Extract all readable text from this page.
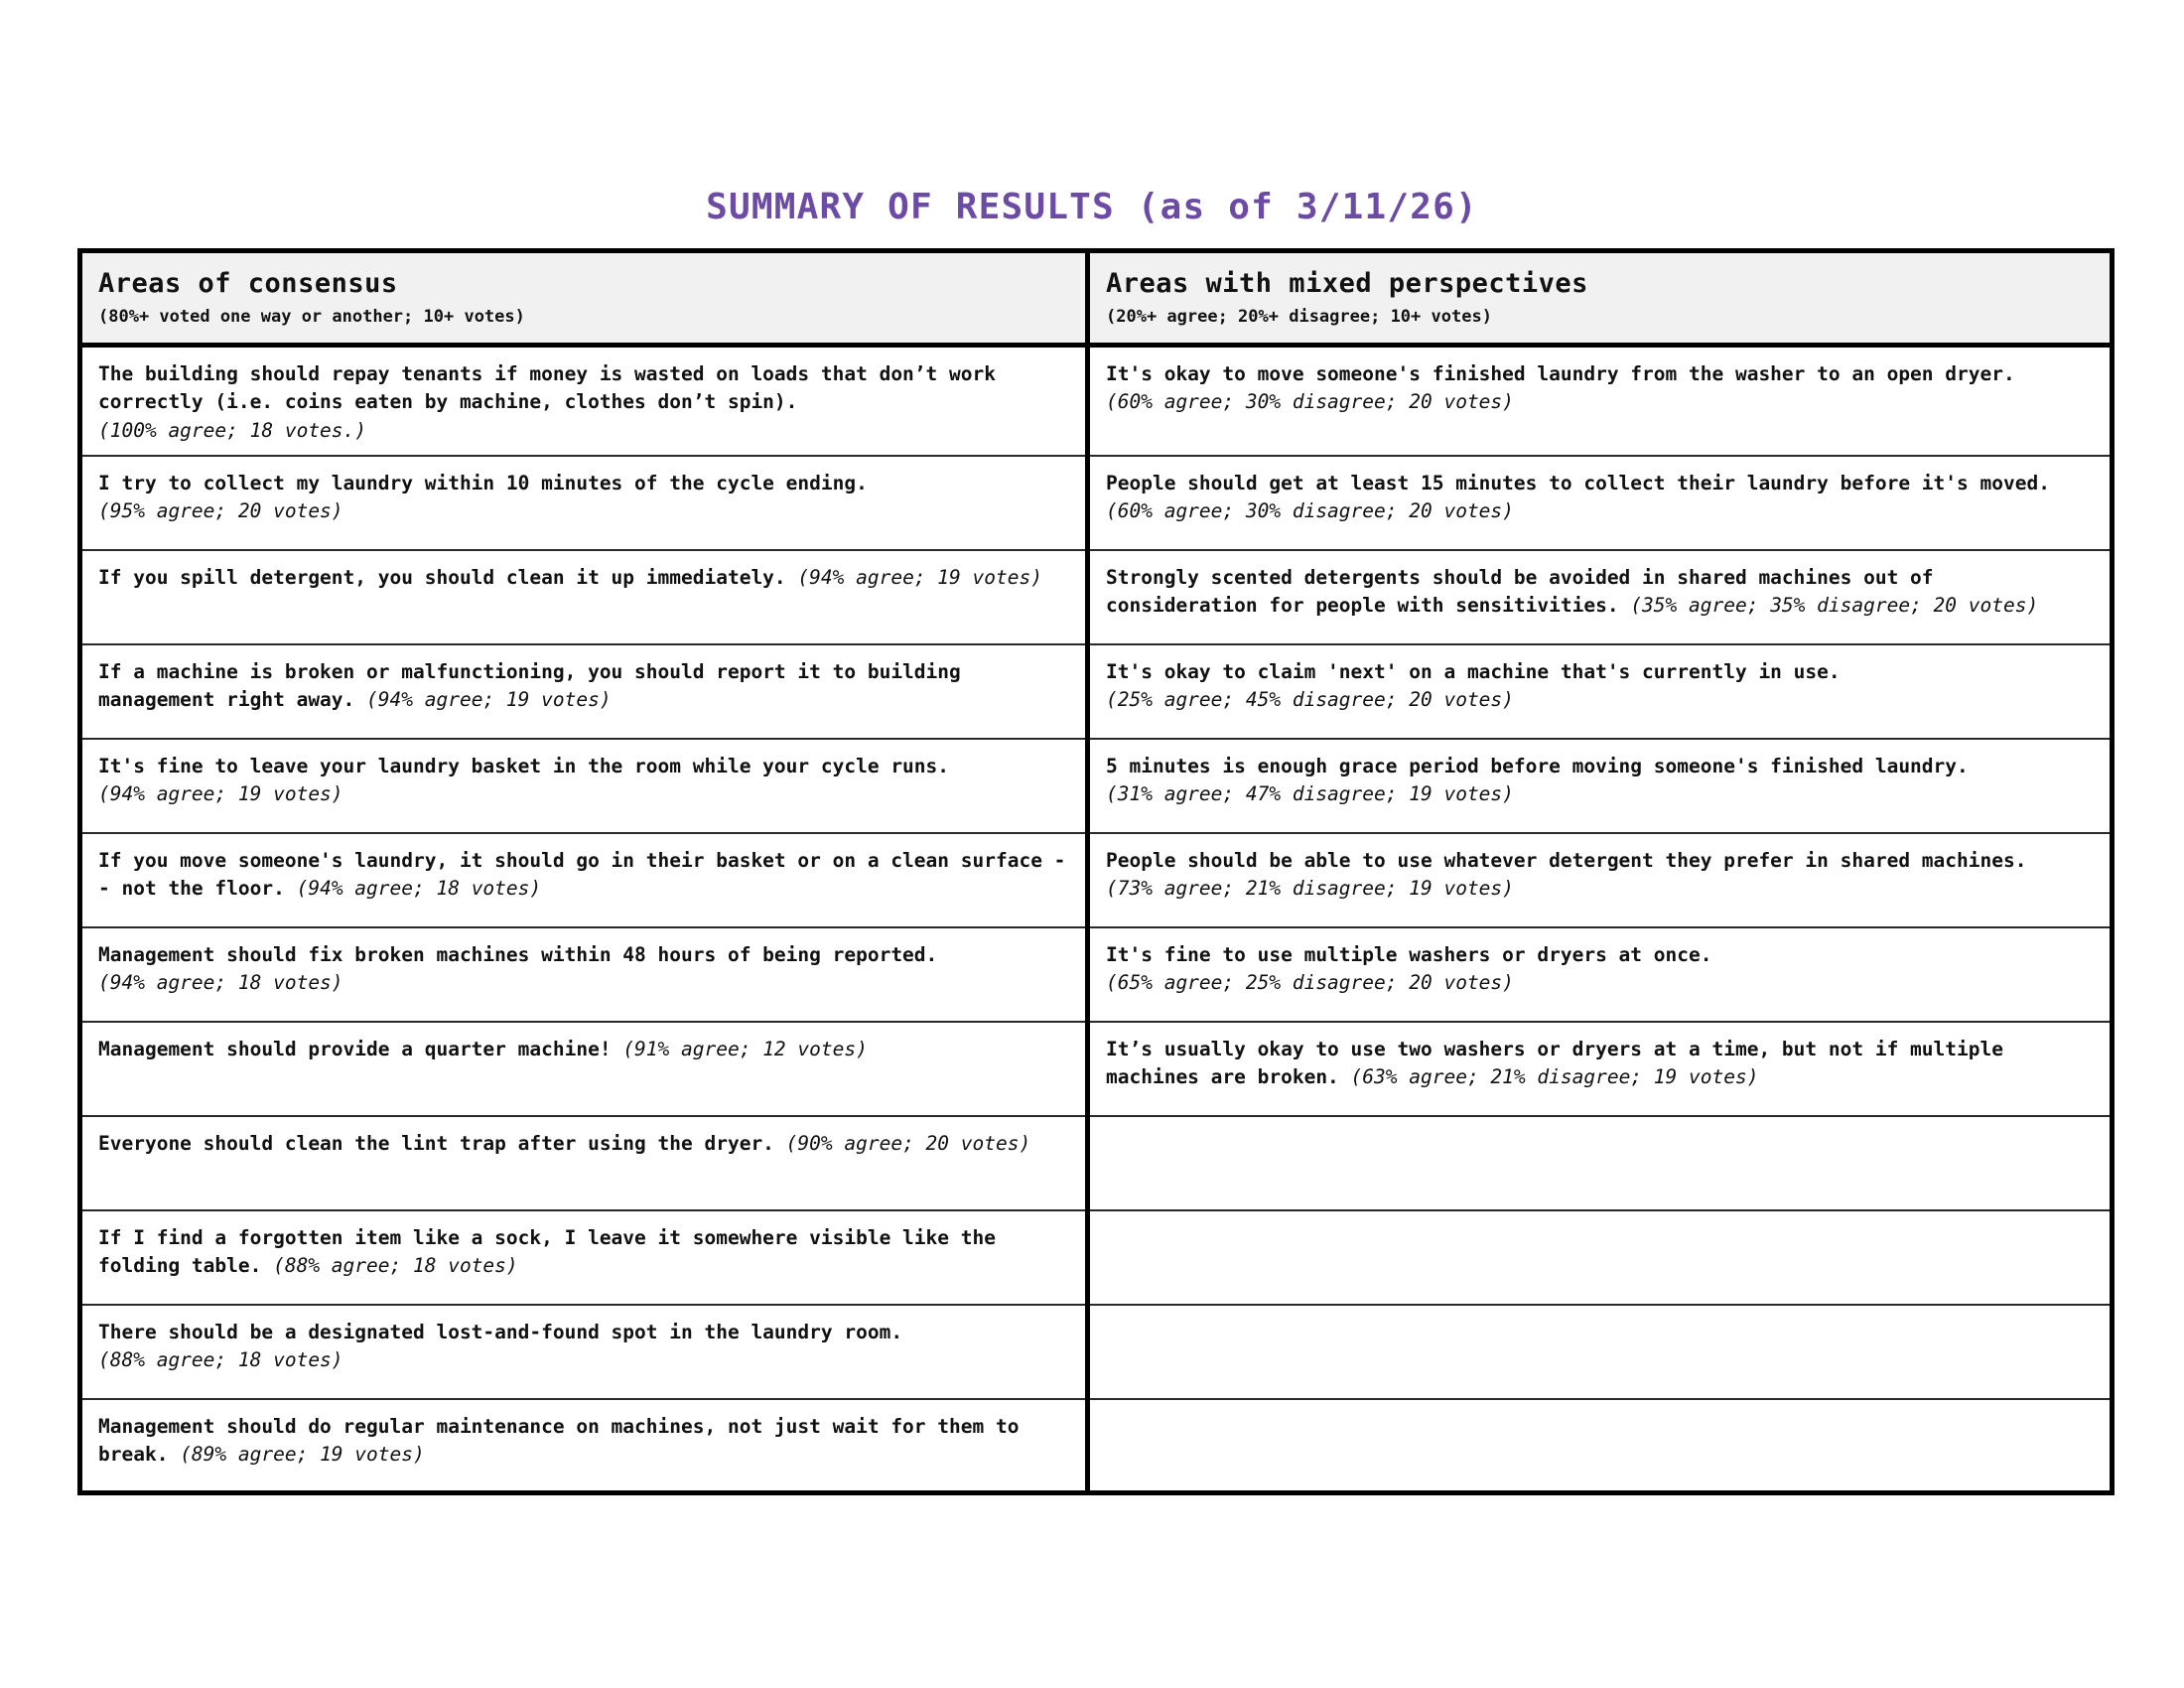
SUMMARY OF RESULTS (as of 3/11/26)
Areas of consensus
(80%+ voted one way or another; 10+ votes)

Areas with mixed perspectives
(20%+ agree; 20%+ disagree; 10+ votes)

The building should repay tenants if money is wasted on loads that don’t work correctly (i.e. coins eaten by machine, clothes don’t spin).
(100% agree; 18 votes.)	It's okay to move someone's finished laundry from the washer to an open dryer.
(60% agree; 30% disagree; 20 votes)

I try to collect my laundry within 10 minutes of the cycle ending.
(95% agree; 20 votes)	People should get at least 15 minutes to collect their laundry before it's moved.
(60% agree; 30% disagree; 20 votes)

If you spill detergent, you should clean it up immediately. (94% agree; 19 votes)	Strongly scented detergents should be avoided in shared machines out of consideration for people with sensitivities. (35% agree; 35% disagree; 20 votes)

If a machine is broken or malfunctioning, you should report it to building management right away. (94% agree; 19 votes)	It's okay to claim 'next' on a machine that's currently in use.
(25% agree; 45% disagree; 20 votes)

It's fine to leave your laundry basket in the room while your cycle runs.
(94% agree; 19 votes)	5 minutes is enough grace period before moving someone's finished laundry.
(31% agree; 47% disagree; 19 votes)

If you move someone's laundry, it should go in their basket or on a clean surface -- not the floor. (94% agree; 18 votes)	People should be able to use whatever detergent they prefer in shared machines.
(73% agree; 21% disagree; 19 votes)

Management should fix broken machines within 48 hours of being reported.
(94% agree; 18 votes)	It's fine to use multiple washers or dryers at once.
(65% agree; 25% disagree; 20 votes)

Management should provide a quarter machine! (91% agree; 12 votes)	It’s usually okay to use two washers or dryers at a time, but not if multiple machines are broken. (63% agree; 21% disagree; 19 votes)

Everyone should clean the lint trap after using the dryer. (90% agree; 20 votes)	

If I find a forgotten item like a sock, I leave it somewhere visible like the folding table. (88% agree; 18 votes)	

There should be a designated lost-and-found spot in the laundry room.
(88% agree; 18 votes)	

Management should do regular maintenance on machines, not just wait for them to break. (89% agree; 19 votes)	
